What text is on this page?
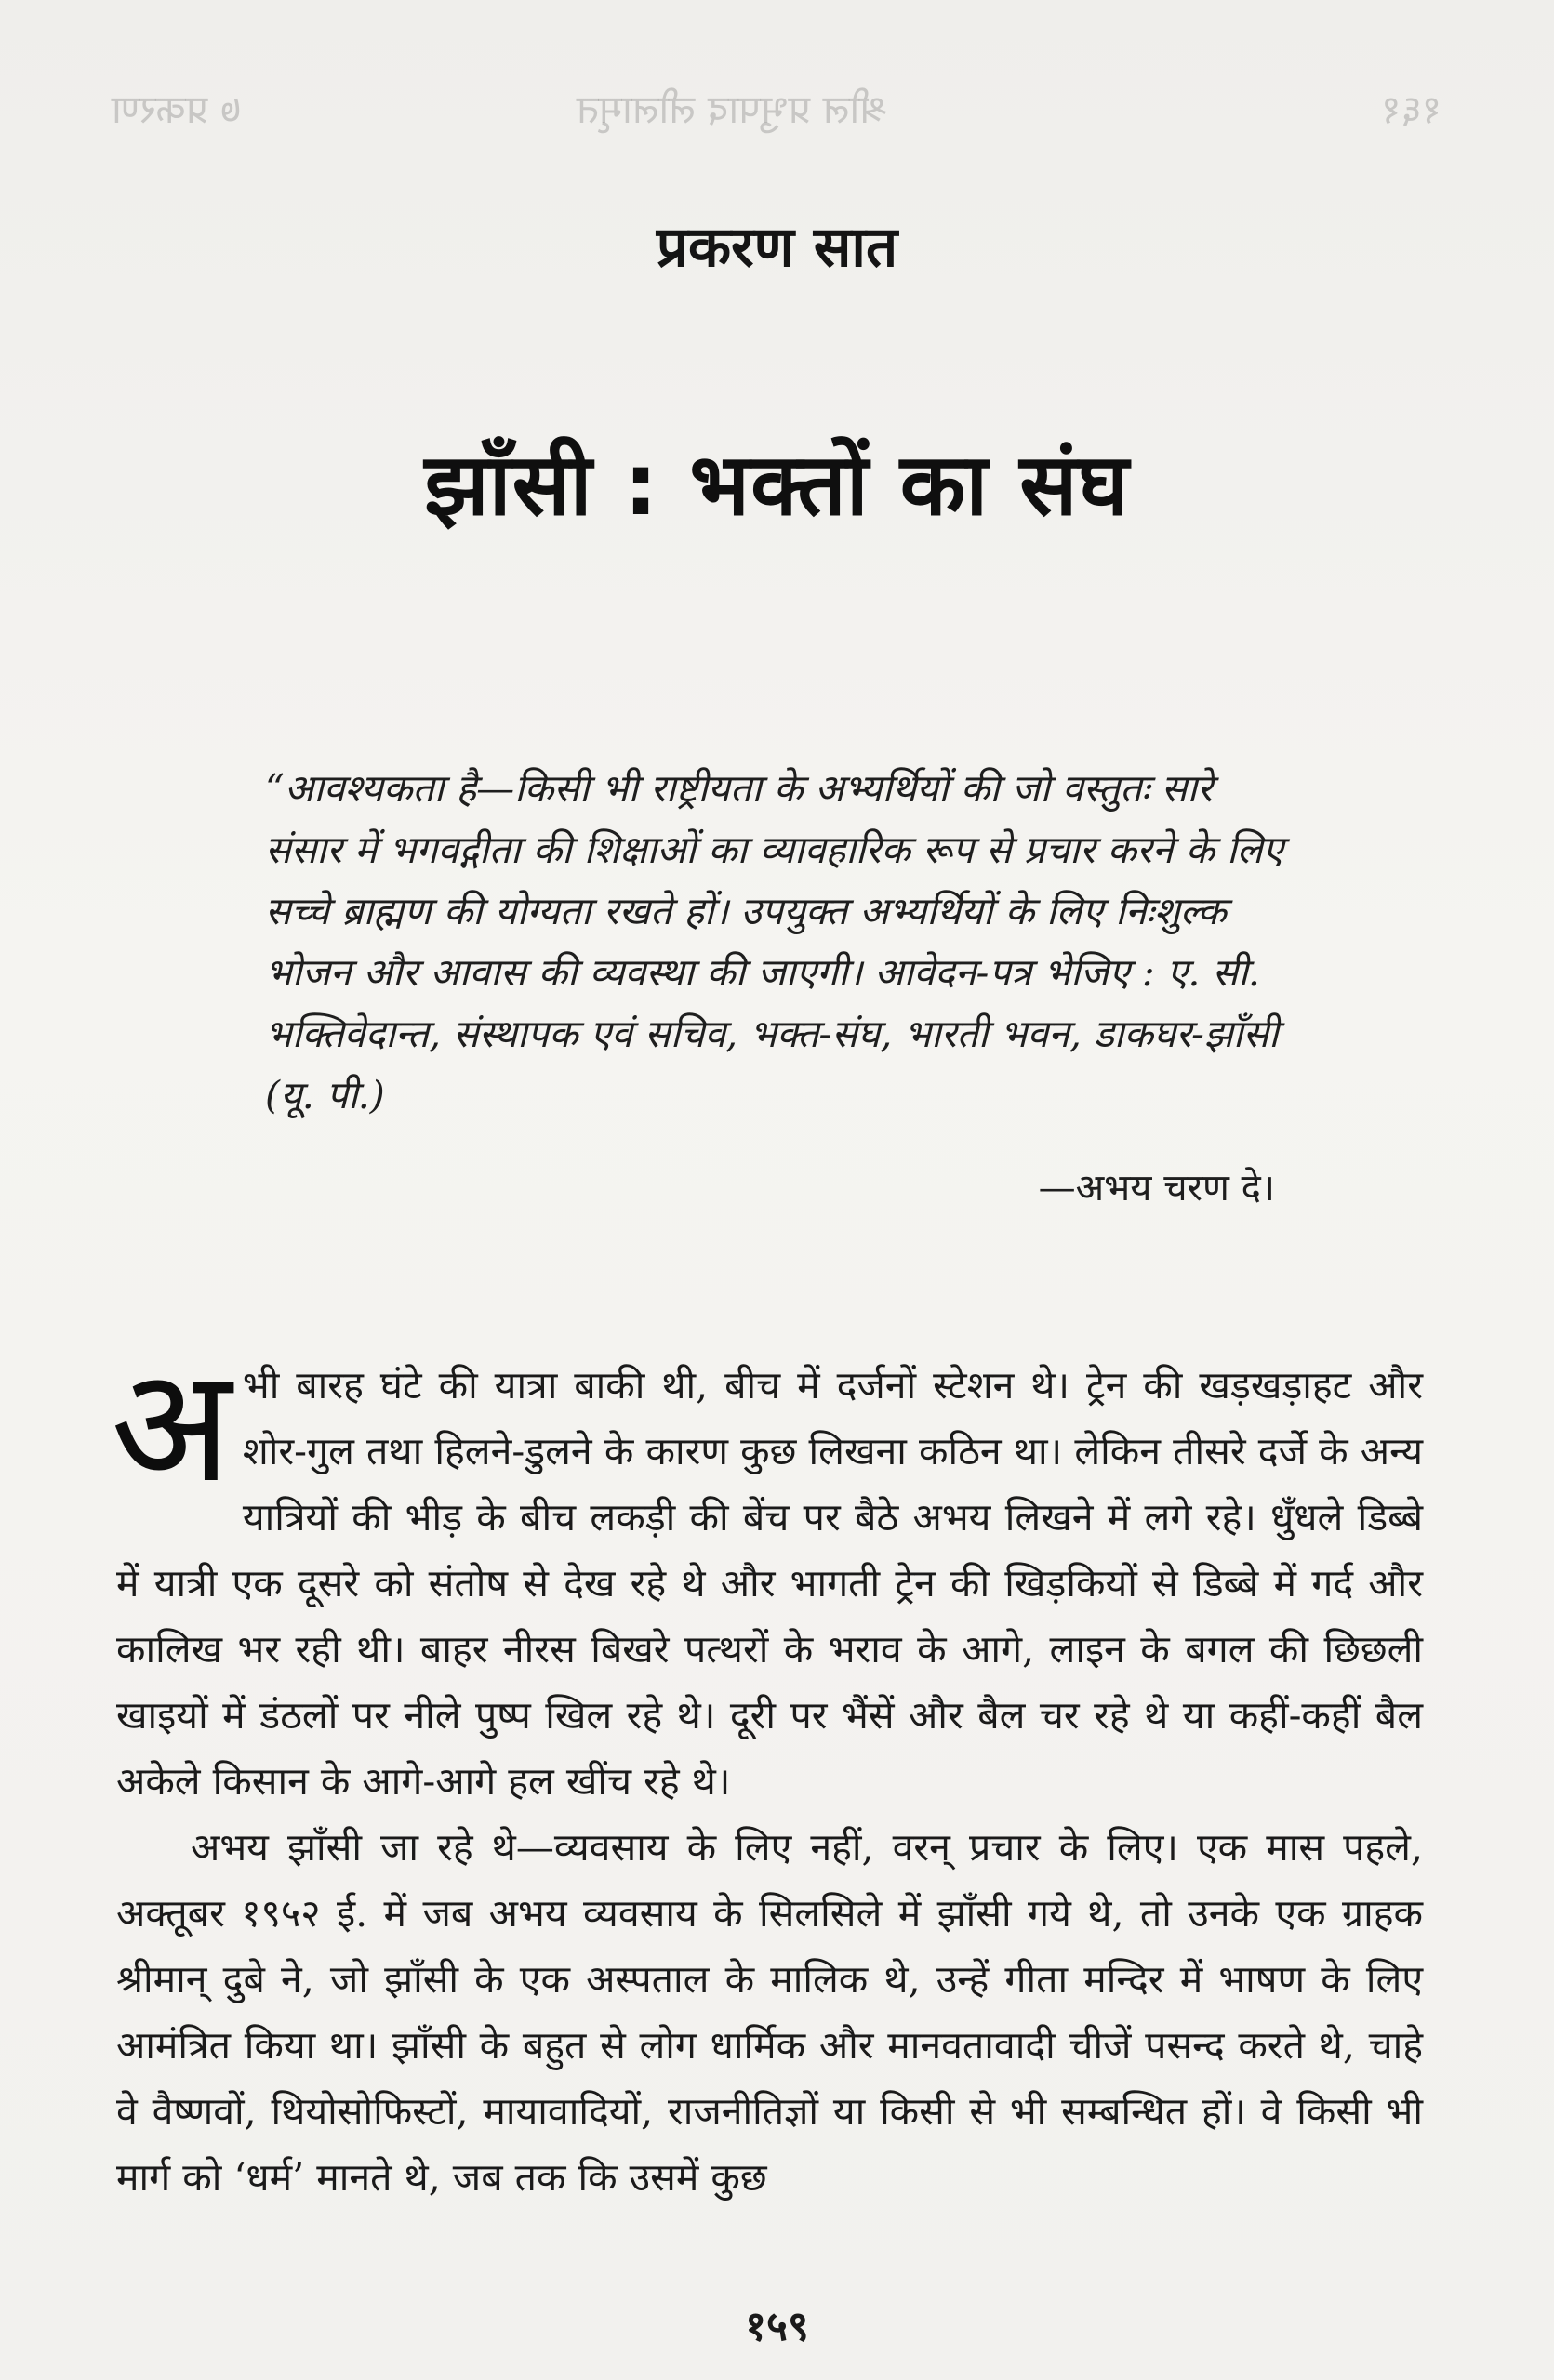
७ प्रकरण	श्रील प्रभुपाद लीलामृत	१६१
प्रकरण सात
झाँसी : भक्तों का संघ
“आवश्यकता है—किसी भी राष्ट्रीयता के अभ्यर्थियों की जो वस्तुतः सारे संसार में भगवद्गीता की शिक्षाओं का व्यावहारिक रूप से प्रचार करने के लिए सच्चे ब्राह्मण की योग्यता रखते हों। उपयुक्त अभ्यर्थियों के लिए निःशुल्क भोजन और आवास की व्यवस्था की जाएगी। आवेदन-पत्र भेजिए : ए. सी. भक्तिवेदान्त, संस्थापक एवं सचिव, भक्त-संघ, भारती भवन, डाकघर-झाँसी (यू. पी.)
—अभय चरण दे।

अ भी बारह घंटे की यात्रा बाकी थी, बीच में दर्जनों स्टेशन थे। ट्रेन की खड़खड़ाहट और शोर-गुल तथा हिलने-डुलने के कारण कुछ लिखना कठिन था। लेकिन तीसरे दर्जे के अन्य यात्रियों की भीड़ के बीच लकड़ी की बेंच पर बैठे अभय लिखने में लगे रहे। धुँधले डिब्बे में यात्री एक दूसरे को संतोष से देख रहे थे और भागती ट्रेन की खिड़कियों से डिब्बे में गर्द और कालिख भर रही थी। बाहर नीरस बिखरे पत्थरों के भराव के आगे, लाइन के बगल की छिछली खाइयों में डंठलों पर नीले पुष्प खिल रहे थे। दूरी पर भैंसें और बैल चर रहे थे या कहीं-कहीं बैल अकेले किसान के आगे-आगे हल खींच रहे थे।

अभय झाँसी जा रहे थे—व्यवसाय के लिए नहीं, वरन् प्रचार के लिए। एक मास पहले, अक्तूबर १९५२ ई. में जब अभय व्यवसाय के सिलसिले में झाँसी गये थे, तो उनके एक ग्राहक श्रीमान् दुबे ने, जो झाँसी के एक अस्पताल के मालिक थे, उन्हें गीता मन्दिर में भाषण के लिए आमंत्रित किया था। झाँसी के बहुत से लोग धार्मिक और मानवतावादी चीजें पसन्द करते थे, चाहे वे वैष्णवों, थियोसोफिस्टों, मायावादियों, राजनीतिज्ञों या किसी से भी सम्बन्धित हों। वे किसी भी मार्ग को ‘धर्म’ मानते थे, जब तक कि उसमें कुछ

१५९
